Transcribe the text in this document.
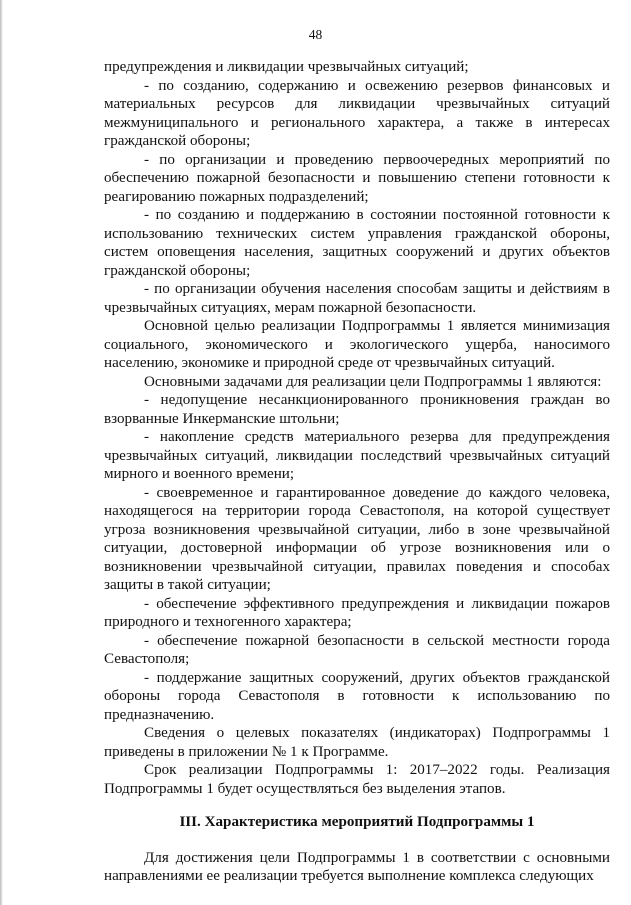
48

предупреждения и ликвидации чрезвычайных ситуаций;

- по созданию, содержанию и освежению резервов финансовых и материальных ресурсов для ликвидации чрезвычайных ситуаций межмуниципального и регионального характера, а также в интересах гражданской обороны;

- по организации и проведению первоочередных мероприятий по обеспечению пожарной безопасности и повышению степени готовности к реагированию пожарных подразделений;

- по созданию и поддержанию в состоянии постоянной готовности к использованию технических систем управления гражданской обороны, систем оповещения населения, защитных сооружений и других объектов гражданской обороны;

- по организации обучения населения способам защиты и действиям в чрезвычайных ситуациях, мерам пожарной безопасности.

Основной целью реализации Подпрограммы 1 является минимизация социального, экономического и экологического ущерба, наносимого населению, экономике и природной среде от чрезвычайных ситуаций.

Основными задачами для реализации цели Подпрограммы 1 являются:

- недопущение несанкционированного проникновения граждан во взорванные Инкерманские штольни;

- накопление средств материального резерва для предупреждения чрезвычайных ситуаций, ликвидации последствий чрезвычайных ситуаций мирного и военного времени;

- своевременное и гарантированное доведение до каждого человека, находящегося на территории города Севастополя, на которой существует угроза возникновения чрезвычайной ситуации, либо в зоне чрезвычайной ситуации, достоверной информации об угрозе возникновения или о возникновении чрезвычайной ситуации, правилах поведения и способах защиты в такой ситуации;

- обеспечение эффективного предупреждения и ликвидации пожаров природного и техногенного характера;

- обеспечение пожарной безопасности в сельской местности города Севастополя;

- поддержание защитных сооружений, других объектов гражданской обороны города Севастополя в готовности к использованию по предназначению.

Сведения о целевых показателях (индикаторах) Подпрограммы 1 приведены в приложении № 1 к Программе.

Срок реализации Подпрограммы 1: 2017–2022 годы. Реализация Подпрограммы 1 будет осуществляться без выделения этапов.

III. Характеристика мероприятий Подпрограммы 1

Для достижения цели Подпрограммы 1 в соответствии с основными направлениями ее реализации требуется выполнение комплекса следующих
